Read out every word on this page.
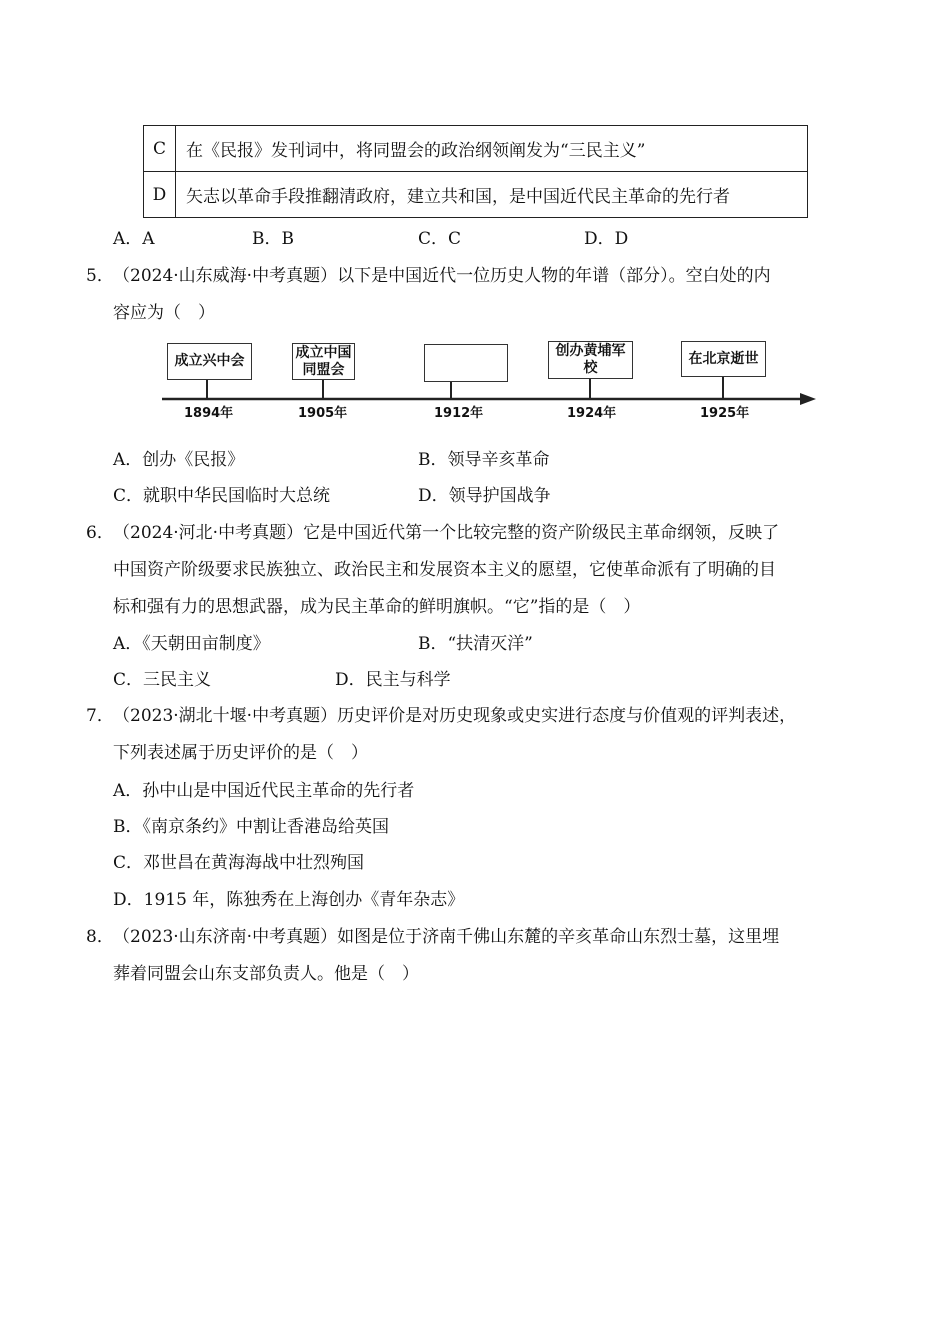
C	在《民报》发刊词中，将同盟会的政治纲领阐发为“三民主义”
D	矢志以革命手段推翻清政府，建立共和国，是中国近代民主革命的先行者
A．A	B．B	C．C	D．D
5． （2024·山东威海·中考真题）以下是中国近代一位历史人物的年谱（部分）。空白处的内
容应为（　）
成立兴中会
成立中国同盟会
创办黄埔军校
在北京逝世
1894年	1905年	1912年	1924年	1925年
A．创办《民报》	B．领导辛亥革命
C．就职中华民国临时大总统	D．领导护国战争
6． （2024·河北·中考真题）它是中国近代第一个比较完整的资产阶级民主革命纲领，反映了
中国资产阶级要求民族独立、政治民主和发展资本主义的愿望，它使革命派有了明确的目
标和强有力的思想武器，成为民主革命的鲜明旗帜。“它”指的是（　）
A．《天朝田亩制度》	B．“扶清灭洋”
C．三民主义	D．民主与科学
7． （2023·湖北十堰·中考真题）历史评价是对历史现象或史实进行态度与价值观的评判表述，
下列表述属于历史评价的是（　）
A．孙中山是中国近代民主革命的先行者
B．《南京条约》中割让香港岛给英国
C．邓世昌在黄海海战中壮烈殉国
D．1915 年，陈独秀在上海创办《青年杂志》
8． （2023·山东济南·中考真题）如图是位于济南千佛山东麓的辛亥革命山东烈士墓，这里埋
葬着同盟会山东支部负责人。他是（　）
